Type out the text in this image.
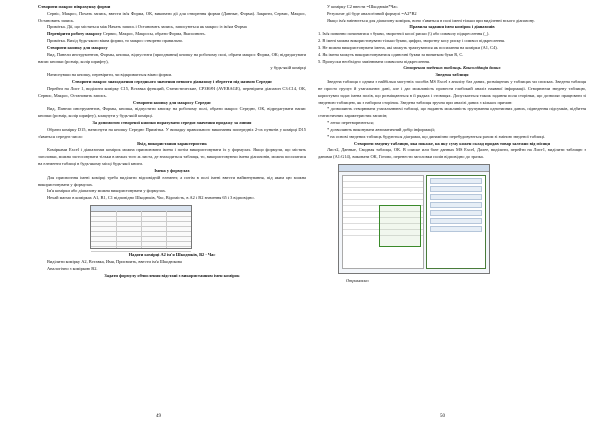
Створити макрос піврахунку форми

Сервіс, Макрос, Почать запись, ввести ім'я Форма, ОК, виконати дії для створення форми (Данные, Форма). Закрити, Сервис, Макрос, Остановить запись.

Примітка. Дії, що містяться між Начать запись і Остановить запись, записуються як макрос із ім'ям Форма

Перевірити роботу макросу Сервис, Макрос, Макросы, обрати Форма, Выполнить.

Примітка. Вихід будь-якого вікна форми, то макрос створено правильно.

Створити кнопку для макросу

Вид, Панели инструментов, Формы, кнопка, відпустити (приєднання) кнопку на робочому полі, обрати макрос Форма, ОК; відредагувати напис кнопки (розмір, колір шрифту),

у будь-якій комірці

Натиснувши на кнопку, перевірити, чи відкривається вікно форми.

Створити макрос знаходження середнього значення певного діапазону і зберегти під назвою Середнє

Перейти на Лист 1, виділити комірку C15, Вставка функций, Статистические, СРЗНАЧ (AVERAGE), перевірити діапазон C3:C14, ОК, Сервис, Макрос, Остановить запись.

Створити кнопку для макросу Середнє

Вид, Панели инструментов, Формы, кнопка, відпустити кнопку на робочому полі, обрати макрос Середнє, ОК, відредагувати напис кнопки (розмір, колір шрифту), клацнути у будь-якій комірці.

За допомогою створеної кнопки порахувати середнє значення продажу за липня

Обрати комірку D15, натиснути на кнопку Середнє Примітка. У випадку правильного виконання попередніх 2-ох пунктів у комірці D15 з'явиться середнє число

Вхід, використання характеристик

Комірками Excel і діапазонам комірок можна присвоювати імена і потім використовувати їх у формулах. Якщо формули, що містять заголовки, можна застосовувати тільки в межах того ж листа, де знаходиться таблиця, то, використовуючи імена діапазонів, можна посилатися на елементи таблиці в будь-якому місці будь-якої книги.

Імена у формулах

Для присвоєння імені комірці треба виділити відповідній елемент, а потім в полі імені ввести найменування, під яким цю можна використовувати у формулах.

Ім'я комірки або діапазону можна використовувати у формулах.

Нехай маємо в комірках A1, B1, C1 відповідно Шкодюків, Час, Відомість, в A2 і B2 значення 65 і 3 відповідно.

Надати комірці A2 ім'я Шкодюків, B2 - Час

Виділити комірку A2, Вставка, Имя, Присвоить, ввести ім'я Шкодюкова

Аналогічно з коміркою B2.

Задати формулу обчислення відстані з використанням імен комірок

49

У комірку C2 ввести =Шкодюків*Час.

Результат дії буде аналогічний формулі =A2*B2

Якщо ім'я змінюється для діапазону комірок, воно з'явиться в полі імені тільки при виділенні всього діапазону.

Правила задання імен комірок і діапазонів

1. Ім'я повинно починатися з букви, зворотної косої риски (\) або символу підкреслення (_).

2. В імені можна використовувати тільки букви, цифри, зворотну косу риску і символ підкреслення.

3. Не можна використовувати імена, які можуть трактуватися як посилання на комірки (A1, C4).

4. Як імена можуть використовуватися одиночні букви за винятком букв R, C.

5. Пропуски необхідно замінювати символом підкреслення.

Створення зведених таблиць. Консолідація даних

Зведена таблиця

Зведена таблиця є одним з найбільш могутніх засобів MS Excel з аналізу баз даних, розміщених у таблицях чи списках. Зведена таблиця не просто групує й узагальнює дані, але і дає можливість провести глибокий аналіз наявної інформації. Створюючи зведену таблицю, користувач задає імена полів, що розміщаються в її рядках і стовпцях. Допускається також задання поля сторінки, що дозволяє працювати зі зведеною таблицею, як з набором сторінок. Зведена таблиця зручна при аналізі даних з кількох причин:

* дозволяють створювати узагальнюючі таблиці, що надають можливість групування однотипних даних, підведення підсумків, підбиття статистичних характеристик записів;

* легко перетворюються;

* дозволяють виконувати автоматичний добір інформації;

* на основі зведених таблиць будуються діаграми, що динамічно перебудовуються разом зі зміною зведеної таблиці.

Створити зведену таблицю, яка покаже, на яку суму кожен склад продав товар залежно від місяця

Лист2, Данные, Сводная таблица, ОК. В списке или базе данных MS Excel, Далее, виділити, перейти на Лист1, виділити таблицю з даними (A1:G14), виконати ОК, Готово, перенести заголовки полів відповідно до зразка.

Отримаємо

50
